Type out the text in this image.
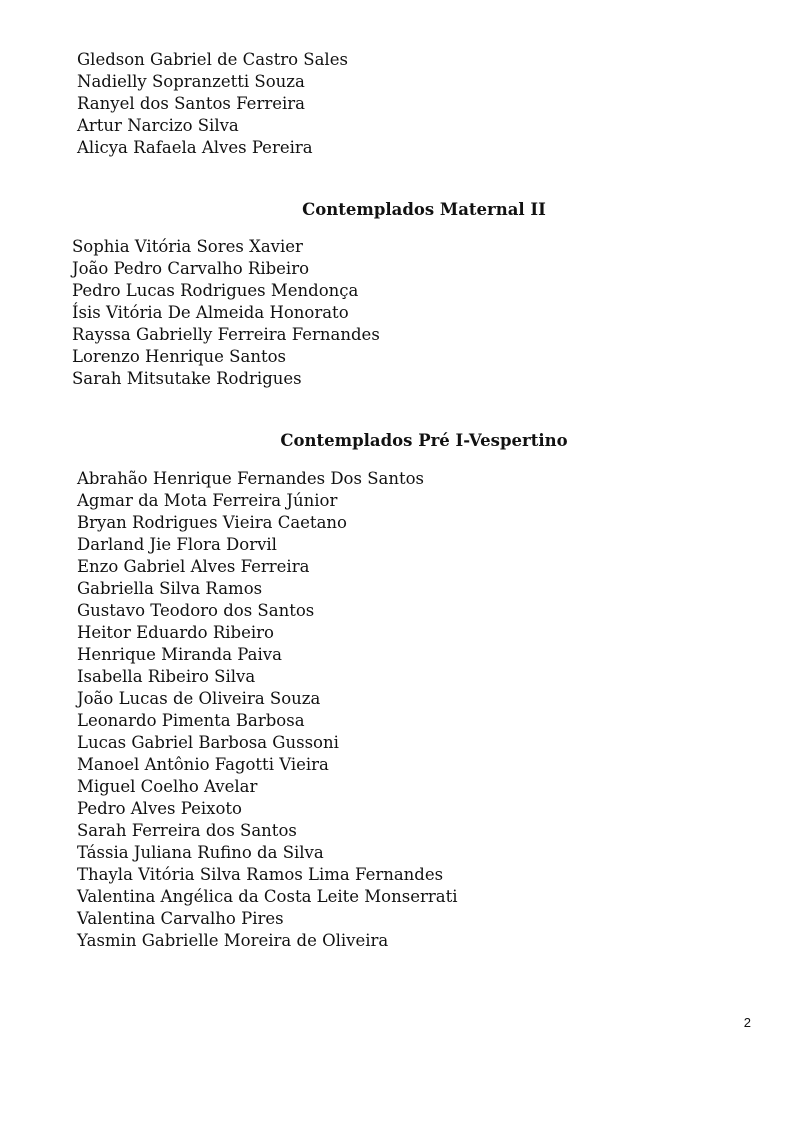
Gledson Gabriel de Castro Sales
Nadielly Sopranzetti Souza
Ranyel dos Santos Ferreira
Artur Narcizo Silva
Alicya Rafaela Alves Pereira
Contemplados Maternal II
Sophia Vitória Sores Xavier
João Pedro Carvalho Ribeiro
Pedro Lucas Rodrigues Mendonça
Ísis Vitória De Almeida Honorato
Rayssa Gabrielly Ferreira Fernandes
Lorenzo Henrique Santos
Sarah Mitsutake Rodrigues
Contemplados Pré I-Vespertino
Abrahão Henrique Fernandes Dos Santos
Agmar da Mota Ferreira Júnior
Bryan Rodrigues Vieira Caetano
Darland Jie Flora Dorvil
Enzo Gabriel Alves Ferreira
Gabriella Silva Ramos
Gustavo Teodoro dos Santos
Heitor Eduardo Ribeiro
Henrique Miranda Paiva
Isabella Ribeiro Silva
João Lucas de Oliveira Souza
Leonardo Pimenta Barbosa
Lucas Gabriel Barbosa Gussoni
Manoel Antônio Fagotti Vieira
Miguel Coelho Avelar
Pedro Alves Peixoto
Sarah Ferreira dos Santos
Tássia Juliana Rufino da Silva
Thayla Vitória Silva Ramos Lima Fernandes
Valentina Angélica da Costa Leite Monserrati
Valentina Carvalho Pires
Yasmin Gabrielle Moreira de Oliveira
2
